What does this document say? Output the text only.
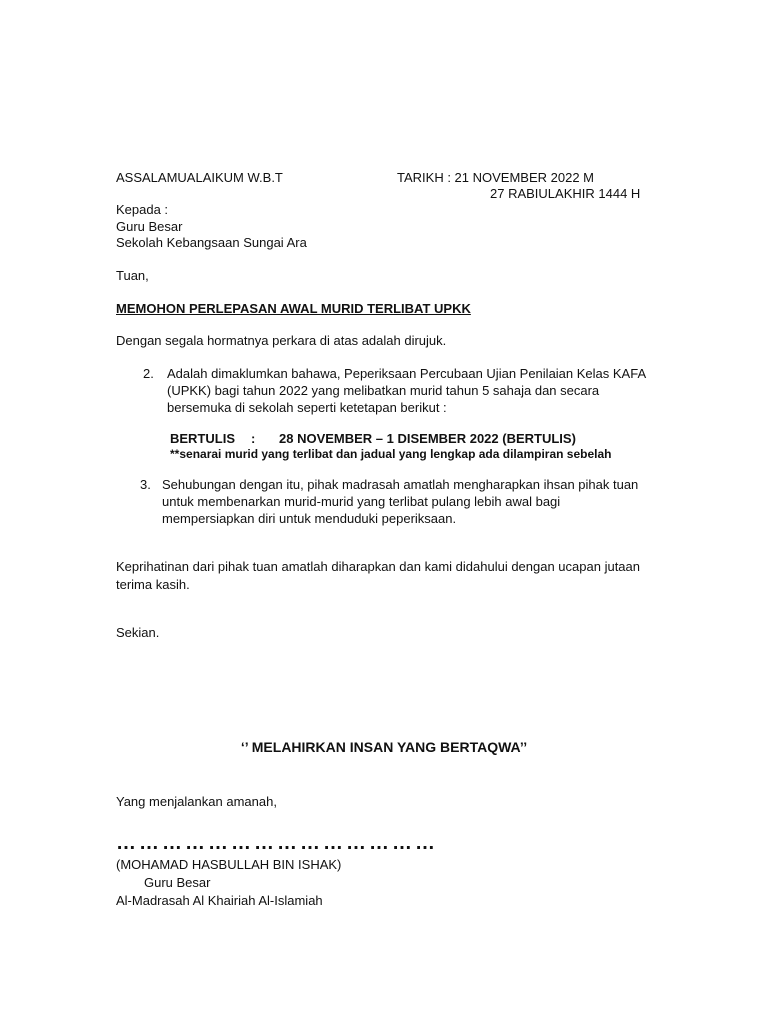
ASSALAMUALAIKUM W.B.T	TARIKH : 21 NOVEMBER 2022 M
27 RABIULAKHIR 1444 H
Kepada :
Guru Besar
Sekolah Kebangsaan Sungai Ara
Tuan,
MEMOHON PERLEPASAN AWAL MURID TERLIBAT UPKK
Dengan segala hormatnya perkara di atas adalah dirujuk.
2. Adalah dimaklumkan bahawa, Peperiksaan Percubaan Ujian Penilaian Kelas KAFA
(UPKK) bagi tahun 2022 yang melibatkan murid tahun 5 sahaja dan secara
bersemuka di sekolah seperti ketetapan berikut :
BERTULIS : 28 NOVEMBER – 1 DISEMBER 2022 (BERTULIS)
**senarai murid yang terlibat dan jadual yang lengkap ada dilampiran sebelah
3. Sehubungan dengan itu, pihak madrasah amatlah mengharapkan ihsan pihak tuan
untuk membenarkan murid-murid yang terlibat pulang lebih awal bagi
mempersiapkan diri untuk menduduki peperiksaan.
Keprihatinan dari pihak tuan amatlah diharapkan dan kami didahului dengan ucapan jutaan
terima kasih.
Sekian.
‘’ MELAHIRKAN INSAN YANG BERTAQWA’’
Yang menjalankan amanah,
……………………………………
(MOHAMAD HASBULLAH BIN ISHAK)
Guru Besar
Al-Madrasah Al Khairiah Al-Islamiah
